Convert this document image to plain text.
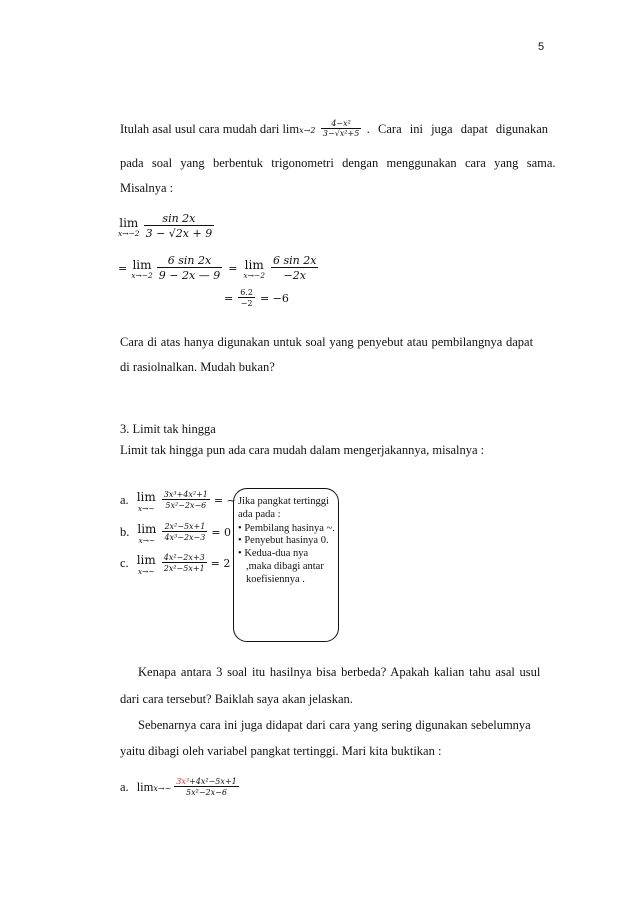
5
Itulah asal usul cara mudah dari $\lim x\to 2 \frac{\text{4−x²}}{\text{3−√x²+5}}$ . Cara ini juga dapat digunakan
pada soal yang berbentuk trigonometri dengan menggunakan cara yang sama.
Misalnya :
lim
$x\to-2 \frac{\sin 2x}{3 - √2x + 9}$
= lim
$x\to-2 \frac{6 \sin 2x}{9 - 2x — 9} = \lim$
$x\to-2 \frac{6 \sin 2x}{-2x}$
= $\frac{6.2}{-2} = -6$
Cara di atas hanya digunakan untuk soal yang penyebut atau pembilangnya dapat
di rasiolnalkan. Mudah bukan?
3. Limit tak hingga
Limit tak hingga pun ada cara mudah dalam mengerjakannya, misalnya :
a. lim
x→~ $\frac{\text{3x³+4x²+1}}{\text{5x²−2x−6}}$ = ~
b. lim
x→~ $\frac{\text{2x²−5x+1}}{\text{4x³−2x−3}} = 0$
c. lim
x→~ $\frac{\text{4x²−2x+3}}{\text{2x²−5x+1}} = 2$
Jika pangkat tertinggi ada pada :
• Pembilang hasinya ~.
• Penyebut hasinya 0.
• Kedua-dua nya ,maka dibagi antar koefisiennya .
Kenapa antara 3 soal itu hasilnya bisa berbeda? Apakah kalian tahu asal usul
dari cara tersebut? Baiklah saya akan jelaskan.
Sebenarnya cara ini juga didapat dari cara yang sering digunakan sebelumnya
yaitu dibagi oleh variabel pangkat tertinggi. Mari kita buktikan :
a. limx→~ $\frac{\text{3x³+4x²−5x+1}}{\text{5x²−2x−6}}$
